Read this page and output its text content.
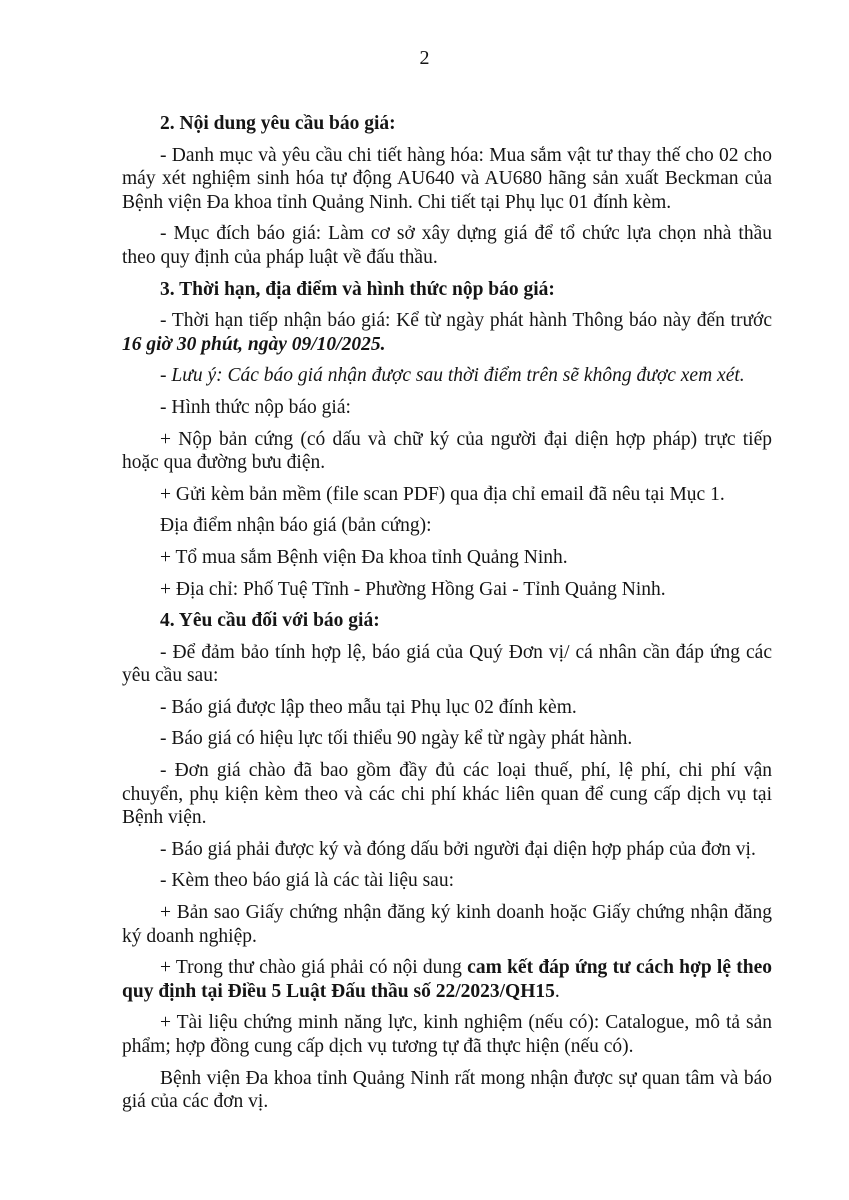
2

2. Nội dung yêu cầu báo giá:

- Danh mục và yêu cầu chi tiết hàng hóa: Mua sắm vật tư thay thế cho 02 cho máy xét nghiệm sinh hóa tự động AU640 và AU680 hãng sản xuất Beckman của Bệnh viện Đa khoa tỉnh Quảng Ninh. Chi tiết tại Phụ lục 01 đính kèm.

- Mục đích báo giá: Làm cơ sở xây dựng giá để tổ chức lựa chọn nhà thầu theo quy định của pháp luật về đấu thầu.

3. Thời hạn, địa điểm và hình thức nộp báo giá:

- Thời hạn tiếp nhận báo giá: Kể từ ngày phát hành Thông báo này đến trước 16 giờ 30 phút, ngày 09/10/2025.

- Lưu ý: Các báo giá nhận được sau thời điểm trên sẽ không được xem xét.

- Hình thức nộp báo giá:

+ Nộp bản cứng (có dấu và chữ ký của người đại diện hợp pháp) trực tiếp hoặc qua đường bưu điện.

+ Gửi kèm bản mềm (file scan PDF) qua địa chỉ email đã nêu tại Mục 1.

Địa điểm nhận báo giá (bản cứng):

+ Tổ mua sắm Bệnh viện Đa khoa tỉnh Quảng Ninh.

+ Địa chỉ: Phố Tuệ Tĩnh - Phường Hồng Gai - Tỉnh Quảng Ninh.

4. Yêu cầu đối với báo giá:

- Để đảm bảo tính hợp lệ, báo giá của Quý Đơn vị/ cá nhân cần đáp ứng các yêu cầu sau:

- Báo giá được lập theo mẫu tại Phụ lục 02 đính kèm.

- Báo giá có hiệu lực tối thiểu 90 ngày kể từ ngày phát hành.

- Đơn giá chào đã bao gồm đầy đủ các loại thuế, phí, lệ phí, chi phí vận chuyển, phụ kiện kèm theo và các chi phí khác liên quan để cung cấp dịch vụ tại Bệnh viện.

- Báo giá phải được ký và đóng dấu bởi người đại diện hợp pháp của đơn vị.

- Kèm theo báo giá là các tài liệu sau:

+ Bản sao Giấy chứng nhận đăng ký kinh doanh hoặc Giấy chứng nhận đăng ký doanh nghiệp.

+ Trong thư chào giá phải có nội dung cam kết đáp ứng tư cách hợp lệ theo quy định tại Điều 5 Luật Đấu thầu số 22/2023/QH15.

+ Tài liệu chứng minh năng lực, kinh nghiệm (nếu có): Catalogue, mô tả sản phẩm; hợp đồng cung cấp dịch vụ tương tự đã thực hiện (nếu có).

Bệnh viện Đa khoa tỉnh Quảng Ninh rất mong nhận được sự quan tâm và báo giá của các đơn vị.
